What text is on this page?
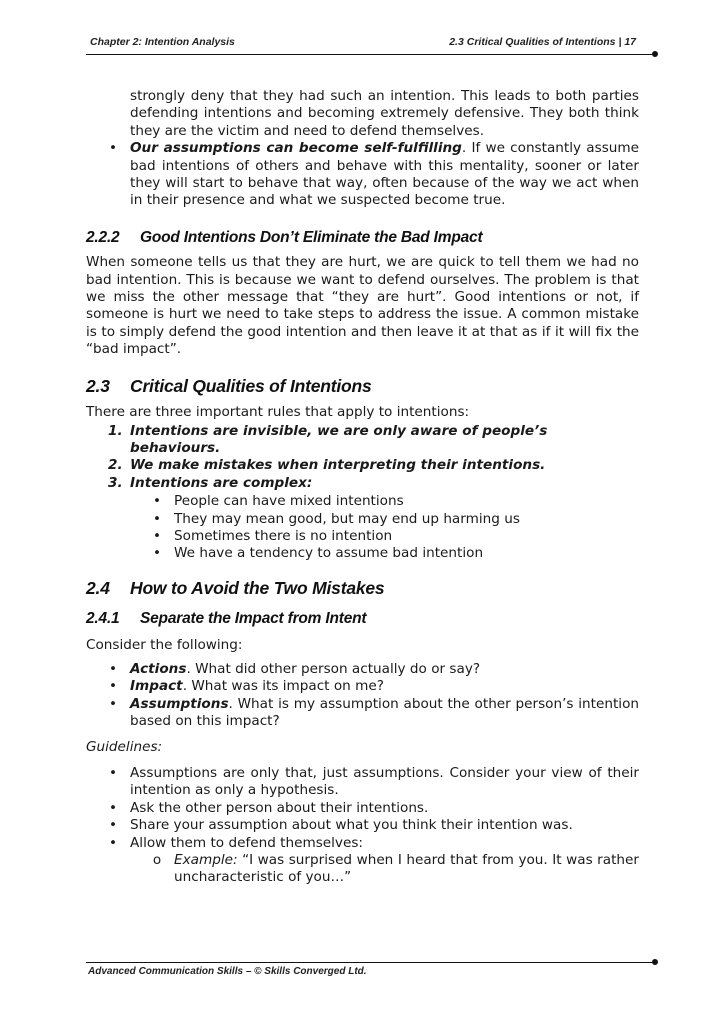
Chapter 2: Intention Analysis	2.3 Critical Qualities of Intentions | 17

strongly deny that they had such an intention. This leads to both parties defending intentions and becoming extremely defensive. They both think they are the victim and need to defend themselves.

• Our assumptions can become self-fulfilling. If we constantly assume bad intentions of others and behave with this mentality, sooner or later they will start to behave that way, often because of the way we act when in their presence and what we suspected become true.

2.2.2 Good Intentions Don’t Eliminate the Bad Impact

When someone tells us that they are hurt, we are quick to tell them we had no bad intention. This is because we want to defend ourselves. The problem is that we miss the other message that “they are hurt”. Good intentions or not, if someone is hurt we need to take steps to address the issue. A common mistake is to simply defend the good intention and then leave it at that as if it will fix the “bad impact”.

2.3 Critical Qualities of Intentions

There are three important rules that apply to intentions:

1. Intentions are invisible, we are only aware of people’s behaviours.
2. We make mistakes when interpreting their intentions.
3. Intentions are complex:
• People can have mixed intentions
• They may mean good, but may end up harming us
• Sometimes there is no intention
• We have a tendency to assume bad intention
2.4 How to Avoid the Two Mistakes
2.4.1 Separate the Impact from Intent

Consider the following:

• Actions. What did other person actually do or say?

• Impact. What was its impact on me?

• Assumptions. What is my assumption about the other person’s intention based on this impact?

Guidelines:

• Assumptions are only that, just assumptions. Consider your view of their intention as only a hypothesis.

• Ask the other person about their intentions.

• Share your assumption about what you think their intention was.

• Allow them to defend themselves:

o Example: “I was surprised when I heard that from you. It was rather uncharacteristic of you…”

Advanced Communication Skills – © Skills Converged Ltd.
